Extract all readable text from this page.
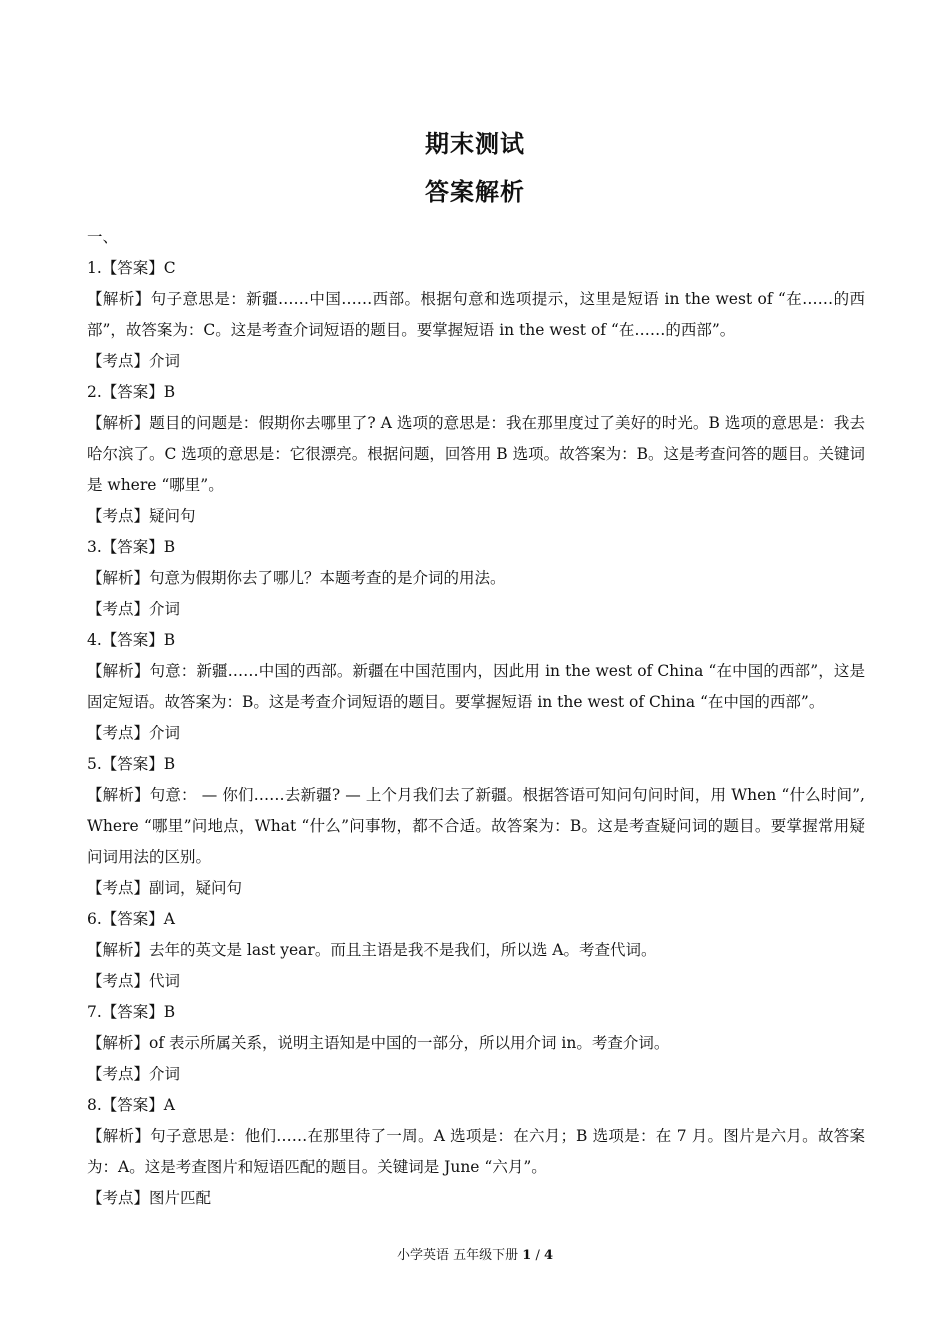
期末测试
答案解析
一、
1.【答案】C
【解析】句子意思是：新疆……中国……西部。根据句意和选项提示，这里是短语 in the west of “在……的西部”，故答案为：C。这是考查介词短语的题目。要掌握短语 in the west of “在……的西部”。
【考点】介词
2.【答案】B
【解析】题目的问题是：假期你去哪里了? A 选项的意思是：我在那里度过了美好的时光。B 选项的意思是：我去哈尔滨了。C 选项的意思是：它很漂亮。根据问题，回答用 B 选项。故答案为：B。这是考查问答的题目。关键词是 where “哪里”。
【考点】疑问句
3.【答案】B
【解析】句意为假期你去了哪儿？本题考查的是介词的用法。
【考点】介词
4.【答案】B
【解析】句意：新疆……中国的西部。新疆在中国范围内，因此用 in the west of China “在中国的西部”，这是固定短语。故答案为：B。这是考查介词短语的题目。要掌握短语 in the west of China “在中国的西部”。
【考点】介词
5.【答案】B
【解析】句意： — 你们……去新疆? — 上个月我们去了新疆。根据答语可知问句问时间，用 When “什么时间”, Where “哪里”问地点，What “什么”问事物，都不合适。故答案为：B。这是考查疑问词的题目。要掌握常用疑问词用法的区别。
【考点】副词，疑问句
6.【答案】A
【解析】去年的英文是 last year。而且主语是我不是我们，所以选 A。考查代词。
【考点】代词
7.【答案】B
【解析】of 表示所属关系，说明主语知是中国的一部分，所以用介词 in。考查介词。
【考点】介词
8.【答案】A
【解析】句子意思是：他们……在那里待了一周。A 选项是：在六月；B 选项是：在 7 月。图片是六月。故答案为：A。这是考查图片和短语匹配的题目。关键词是 June “六月”。
【考点】图片匹配
小学英语 五年级下册 1 / 4
